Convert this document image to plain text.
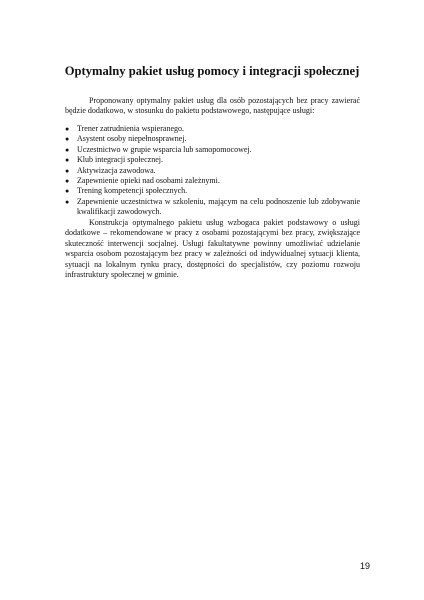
Optymalny pakiet usług pomocy i integracji społecznej

Proponowany optymalny pakiet usług dla osób pozostających bez pracy zawierać będzie dodatkowo, w stosunku do pakietu podstawowego, następujące usługi:

● Trener zatrudnienia wspieranego.
● Asystent osoby niepełnosprawnej.
● Uczestnictwo w grupie wsparcia lub samopomocowej.
● Klub integracji społecznej.
● Aktywizacja zawodowa.
● Zapewnienie opieki nad osobami zależnymi.
● Trening kompetencji społecznych.
● Zapewnienie uczestnictwa w szkoleniu, mającym na celu podnoszenie lub zdobywanie kwalifikacji zawodowych.

Konstrukcja optymalnego pakietu usług wzbogaca pakiet podstawowy o usługi dodatkowe – rekomendowane w pracy z osobami pozostającymi bez pracy, zwiększające skuteczność interwencji socjalnej. Usługi fakultatywne powinny umożliwiać udzielanie wsparcia osobom pozostającym bez pracy w zależności od indywidualnej sytuacji klienta, sytuacji na lokalnym rynku pracy, dostępności do specjalistów, czy poziomu rozwoju infrastruktury społecznej w gminie.

19
